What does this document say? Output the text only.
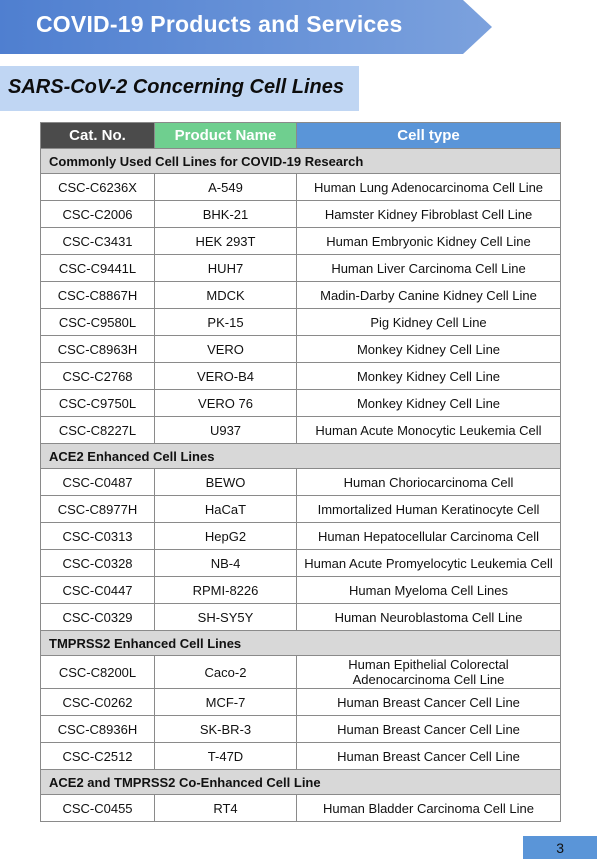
COVID-19 Products and Services
SARS-CoV-2 Concerning Cell Lines
Cat. No.	Product Name	Cell type
Commonly Used Cell Lines for COVID-19 Research		
CSC-C6236X	A-549	Human Lung Adenocarcinoma Cell Line
CSC-C2006	BHK-21	Hamster Kidney Fibroblast Cell Line
CSC-C3431	HEK 293T	Human Embryonic Kidney Cell Line
CSC-C9441L	HUH7	Human Liver Carcinoma Cell Line
CSC-C8867H	MDCK	Madin-Darby Canine Kidney Cell Line
CSC-C9580L	PK-15	Pig Kidney Cell Line
CSC-C8963H	VERO	Monkey Kidney Cell Line
CSC-C2768	VERO-B4	Monkey Kidney Cell Line
CSC-C9750L	VERO 76	Monkey Kidney Cell Line
CSC-C8227L	U937	Human Acute Monocytic Leukemia Cell
ACE2 Enhanced Cell Lines		
CSC-C0487	BEWO	Human Choriocarcinoma Cell
CSC-C8977H	HaCaT	Immortalized Human Keratinocyte Cell
CSC-C0313	HepG2	Human Hepatocellular Carcinoma Cell
CSC-C0328	NB-4	Human Acute Promyelocytic Leukemia Cell
CSC-C0447	RPMI-8226	Human Myeloma Cell Lines
CSC-C0329	SH-SY5Y	Human Neuroblastoma Cell Line
TMPRSS2 Enhanced Cell Lines		
CSC-C8200L	Caco-2	Human Epithelial Colorectal Adenocarcinoma Cell Line
CSC-C0262	MCF-7	Human Breast Cancer Cell Line
CSC-C8936H	SK-BR-3	Human Breast Cancer Cell Line
CSC-C2512	T-47D	Human Breast Cancer Cell Line
ACE2 and TMPRSS2 Co-Enhanced Cell Line		
CSC-C0455	RT4	Human Bladder Carcinoma Cell Line
3
